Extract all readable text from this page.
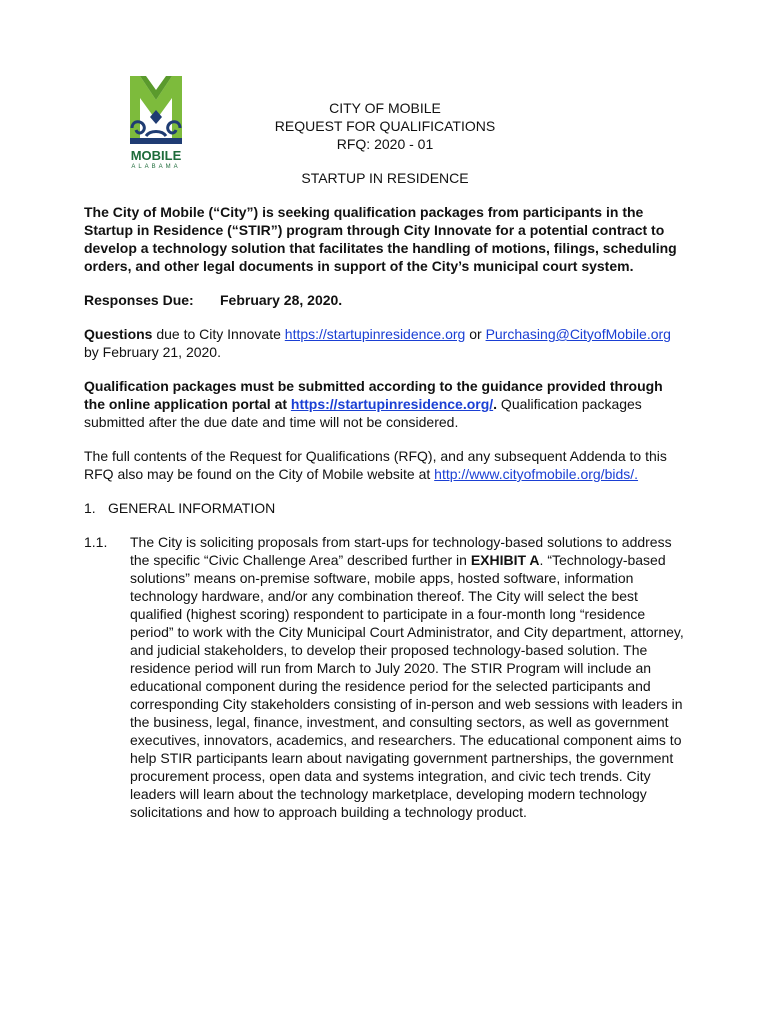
MOBILE
ALABAMA
CITY OF MOBILE
REQUEST FOR QUALIFICATIONS
RFQ: 2020 - 01
STARTUP IN RESIDENCE

The City of Mobile (“City”) is seeking qualification packages from participants in the Startup in Residence (“STIR”) program through City Innovate for a potential contract to develop a technology solution that facilitates the handling of motions, filings, scheduling orders, and other legal documents in support of the City’s municipal court system.

Responses Due: February 28, 2020.

Questions due to City Innovate https://startupinresidence.org or Purchasing@CityofMobile.org by February 21, 2020.

Qualification packages must be submitted according to the guidance provided through the online application portal at https://startupinresidence.org/. Qualification packages submitted after the due date and time will not be considered.

The full contents of the Request for Qualifications (RFQ), and any subsequent Addenda to this RFQ also may be found on the City of Mobile website at http://www.cityofmobile.org/bids/.

1. GENERAL INFORMATION

1.1.	The City is soliciting proposals from start-ups for technology-based solutions to address the specific “Civic Challenge Area” described further in EXHIBIT A. “Technology-based solutions” means on-premise software, mobile apps, hosted software, information technology hardware, and/or any combination thereof. The City will select the best qualified (highest scoring) respondent to participate in a four-month long “residence period” to work with the City Municipal Court Administrator, and City department, attorney, and judicial stakeholders, to develop their proposed technology-based solution. The residence period will run from March to July 2020. The STIR Program will include an educational component during the residence period for the selected participants and corresponding City stakeholders consisting of in-person and web sessions with leaders in the business, legal, finance, investment, and consulting sectors, as well as government executives, innovators, academics, and researchers. The educational component aims to help STIR participants learn about navigating government partnerships, the government procurement process, open data and systems integration, and civic tech trends. City leaders will learn about the technology marketplace, developing modern technology solicitations and how to approach building a technology product.
